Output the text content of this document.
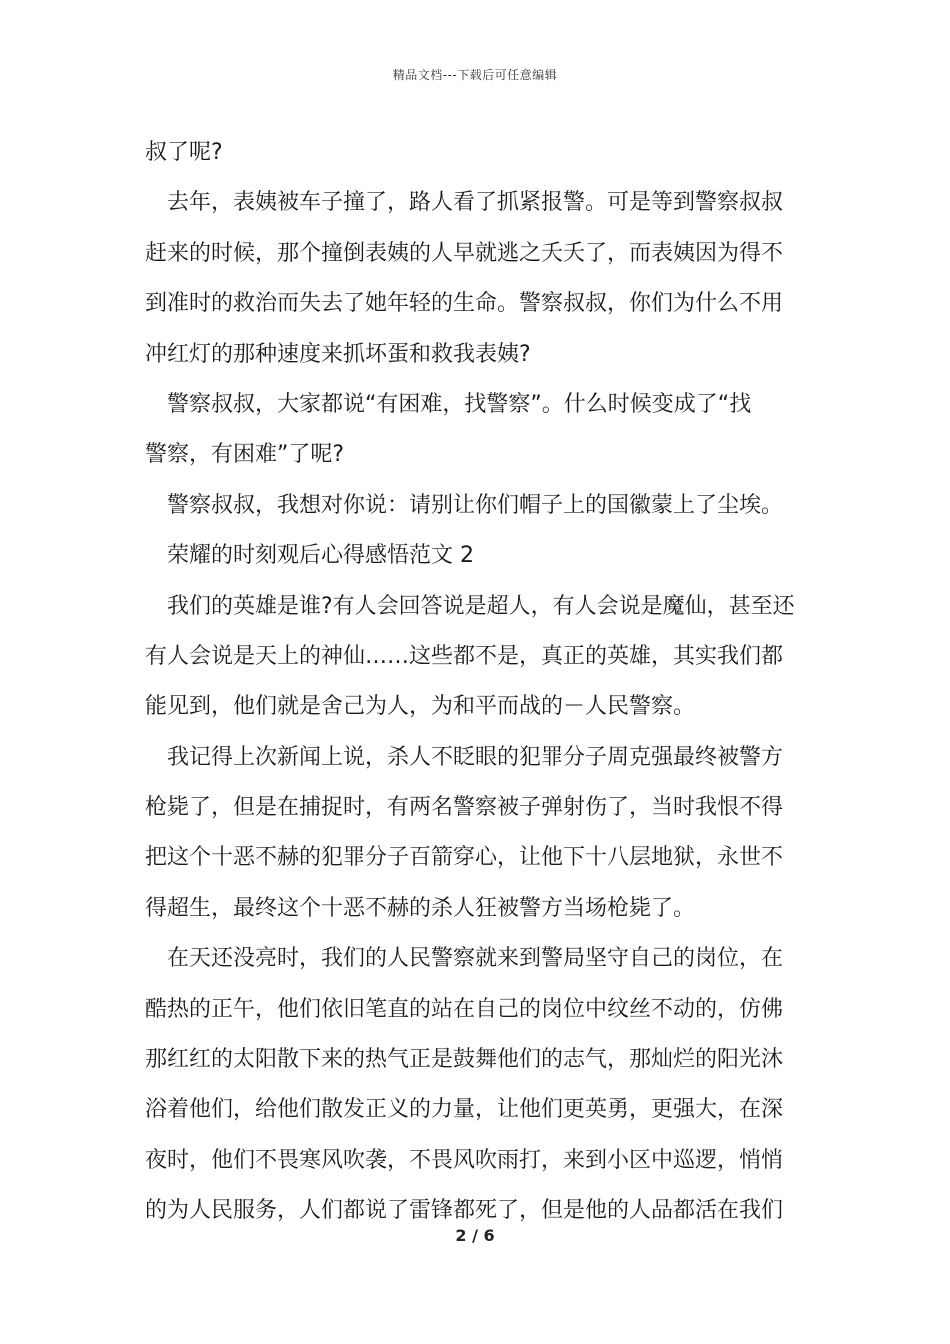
精品文档---下载后可任意编辑
叔了呢?
去年，表姨被车子撞了，路人看了抓紧报警。可是等到警察叔叔
赶来的时候，那个撞倒表姨的人早就逃之夭夭了，而表姨因为得不
到准时的救治而失去了她年轻的生命。警察叔叔，你们为什么不用
冲红灯的那种速度来抓坏蛋和救我表姨?
警察叔叔，大家都说“有困难，找警察”。什么时候变成了“找
警察，有困难”了呢?
警察叔叔，我想对你说：请别让你们帽子上的国徽蒙上了尘埃。
荣耀的时刻观后心得感悟范文 2
我们的英雄是谁?有人会回答说是超人，有人会说是魔仙，甚至还
有人会说是天上的神仙……这些都不是，真正的英雄，其实我们都
能见到，他们就是舍己为人，为和平而战的－人民警察。
我记得上次新闻上说，杀人不眨眼的犯罪分子周克强最终被警方
枪毙了，但是在捕捉时，有两名警察被子弹射伤了，当时我恨不得
把这个十恶不赫的犯罪分子百箭穿心，让他下十八层地狱，永世不
得超生，最终这个十恶不赫的杀人狂被警方当场枪毙了。
在天还没亮时，我们的人民警察就来到警局坚守自己的岗位，在
酷热的正午，他们依旧笔直的站在自己的岗位中纹丝不动的，仿佛
那红红的太阳散下来的热气正是鼓舞他们的志气，那灿烂的阳光沐
浴着他们，给他们散发正义的力量，让他们更英勇，更强大，在深
夜时，他们不畏寒风吹袭，不畏风吹雨打，来到小区中巡逻，悄悄
的为人民服务，人们都说了雷锋都死了，但是他的人品都活在我们
2 / 6
